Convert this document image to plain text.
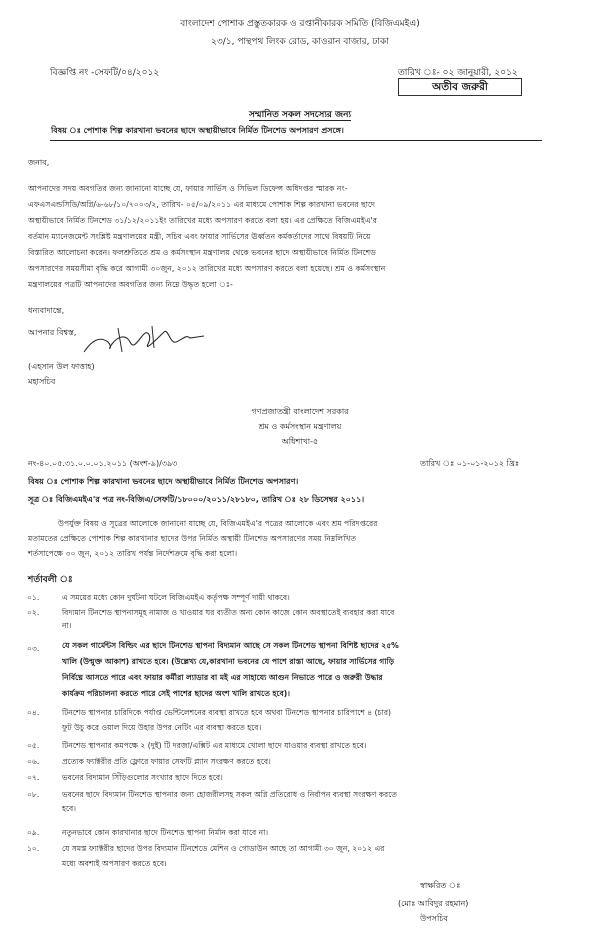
বাংলাদেশ পোশাক প্রস্তুতকারক ও রপ্তানীকারক সমিতি (বিজিএমইএ)
২৩/১, পান্থপথ লিংক রোড, কাওরান বাজার, ঢাকা
বিজ্ঞপ্তি নং -সেফটি/০৪/২০১২	তারিখ ঃ- ০২ জানুয়ারী, ২০১২
অতীব জরুরী
সম্মানিত সকল সদস্যের জন্য
বিষয় ঃ পোশাক শিল্প কারখানা ভবনের ছাদে অস্থায়ীভাবে নির্মিত টিনশেড অপসারণ প্রসঙ্গে।
জনাব,
আপনাদের সদয় অবগতির জন্য জানানো যাচ্ছে যে, ফায়ার সার্ভিস ও সিভিল ডিফেন্স অধিদপ্তর স্মারক নং-
এফএসএন্ডসিডি/অগ্নি/৬-৬৮/১০/৭০০৩/২, তারিখ- ০৫/০৯/২০১১ এর মাধ্যমে পোশাক শিল্প কারখানা ভবনের ছাদে
অস্থায়ীভাবে নির্মিত টিনশেড ৩১/১২/২০১১ইং তারিখের মধ্যে অপসারণ করতে বলা হয়। এর প্রেক্ষিতে বিজিএমইএ'র
বর্তমান ম্যানেজমেন্ট সংশ্লিষ্ট মন্ত্রণালয়ের মন্ত্রী, সচিব এবং ফায়ার সার্ভিসের ঊর্ধ্বতন কর্মকর্তাদের সাথে বিষয়টি নিয়ে
বিস্তারিত আলোচনা করেন। ফলশ্রুতিতে শ্রম ও কর্মসংস্থান মন্ত্রণালয় থেকে ভবনের ছাদে অস্থায়ীভাবে নির্মিত টিনশেড
অপসারণের সময়সীমা বৃদ্ধি করে আগামী ৩০জুন, ২০১২ তারিখের মধ্যে অপসারণ করতে বলা হয়েছে। শ্রম ও কর্মসংস্থান
মন্ত্রণালয়ের পত্রটি আপনাদের অবগতির জন্য নিম্নে উদ্ধৃত হলো ঃ-
ধন্যবাদান্তে,
আপনার বিশ্বস্ত,
(এহসান উল ফাত্তাহ)
মহাসচিব
গণপ্রজাতন্ত্রী বাংলাদেশ সরকার
শ্রম ও কর্মসংস্থান মন্ত্রণালয়
অধিশাখা-৫
নং-৪০.০৫.৩১.০.০.০১.২০১১ (অংশ-৯)/৩৯৩	তারিখ ঃ ০১-০১-২০১২ খ্রিঃ
বিষয় ঃ পোশাক শিল্প কারখানা ভবনের ছাদে অস্থায়ীভাবে নির্মিত টিনশেড অপসারণ।
সূত্র ঃ বিজিএমইএ'র পত্র নং-বিজিএ/সেফটি/১৮০০০/২০১১/২৮১৮০, তারিখ ঃ ২৮ ডিসেম্বর ২০১১।
উপর্যুক্ত বিষয় ও সূত্রের আলোকে জানানো যাচ্ছে যে, বিজিএমইএ'র পত্রের আলোকে এবং শ্রম পরিদপ্তরের
মতামতের প্রেক্ষিতে পোশাক শিল্প কারখানার ছাদের উপর নির্মিত অস্থায়ী টিনশেড অপসারণের সময় নিম্নলিখিত
শর্তসাপেক্ষে ৩০ জুন, ২০১২ তারিখ পর্যন্ত নির্দেশক্রমে বৃদ্ধি করা হলো।
শর্তাবলী ঃ
০১.	এ সময়ের মধ্যে কোন দুর্ঘটনা ঘটলে বিজিএমইএ কর্তৃপক্ষ সম্পূর্ণ দায়ী থাকবে।
০২.	বিদ্যমান টিনশেড স্থাপনাসমূহ নামাজ ও খাওয়ার ঘর ব্যতীত অন্য কোন কাজে কোন অবস্থাতেই ব্যবহার করা যাবে
না।
০৩.	যে সকল গার্মেন্টস বিল্ডিং এর ছাদে টিনশেড স্থাপনা বিদ্যমান আছে সে সকল টিনশেড স্থাপনা বিশিষ্ট ছাদের ২৫%
খালি (উন্মুক্ত আকাশ) রাখতে হবে। (উল্লেখ্য যে,কারখানা ভবনের যে পাশে রাস্তা আছে, ফায়ার সার্ভিসের গাড়ি
নির্বিঘ্নে আসতে পারে এবং ফায়ার কর্মীরা ল্যাডার বা মই এর সাহায্যে আগুন নিভাতে পারে ও জরুরী উদ্ধার
কার্যক্রম পরিচালনা করতে পারে সেই পাশের ছাদের অংশ খালি রাখতে হবে)।
০৪.	টিনশেড স্থাপনার চারিদিকে পর্যাপ্ত ভেন্টিলেশনের ব্যবস্থা রাখতে হবে অথবা টিনশেড স্থাপনার চারিপাশে ৪ (চার)
ফুট উচু করে ওয়াল দিয়ে উহার উপর নেটিং এর ব্যবস্থা করতে হবে।
০৫.	টিনশেড স্থাপনার কমপক্ষে ২ (দুই) টি দরজা/এক্সিট এর মাধ্যমে খোলা ছাদে যাওয়ার ব্যবস্থা রাখতে হবে।
০৬.	প্রত্যেক ফ্যাক্টরীর প্রতি ফ্লোরে ফায়ার সেফটি প্ল্যান সংরক্ষণ করতে হবে।
০৭.	ভবনের বিদ্যমান সিঁড়িগুলোর সংখ্যার ছাদে দিতে হবে।
০৮.	ভবনের ছাদে বিদ্যমান টিনশেড স্থাপনার জন্য হোজরীলসহ সকল অগ্নি প্রতিরোধ ও নির্বাপন ব্যবস্থা সংরক্ষণ করতে
হবে।
০৯.	নতুনভাবে কোন কারখানার ছাদে টিনশেড স্থাপনা নির্মান করা যাবে না।
১০.	যে সমস্ত ফ্যাক্টরীর ছাদের উপর বিদ্যমান টিনশেডে মেশিন ও গোডাউন আছে তা আগামী ৩০ জুন, ২০১২ এর
মধ্যে অবশ্যই অপসারণ করতে হবে।
স্বাক্ষরিত ঃ
(মোঃ আবিদুর রহমান)
উপসচিব
